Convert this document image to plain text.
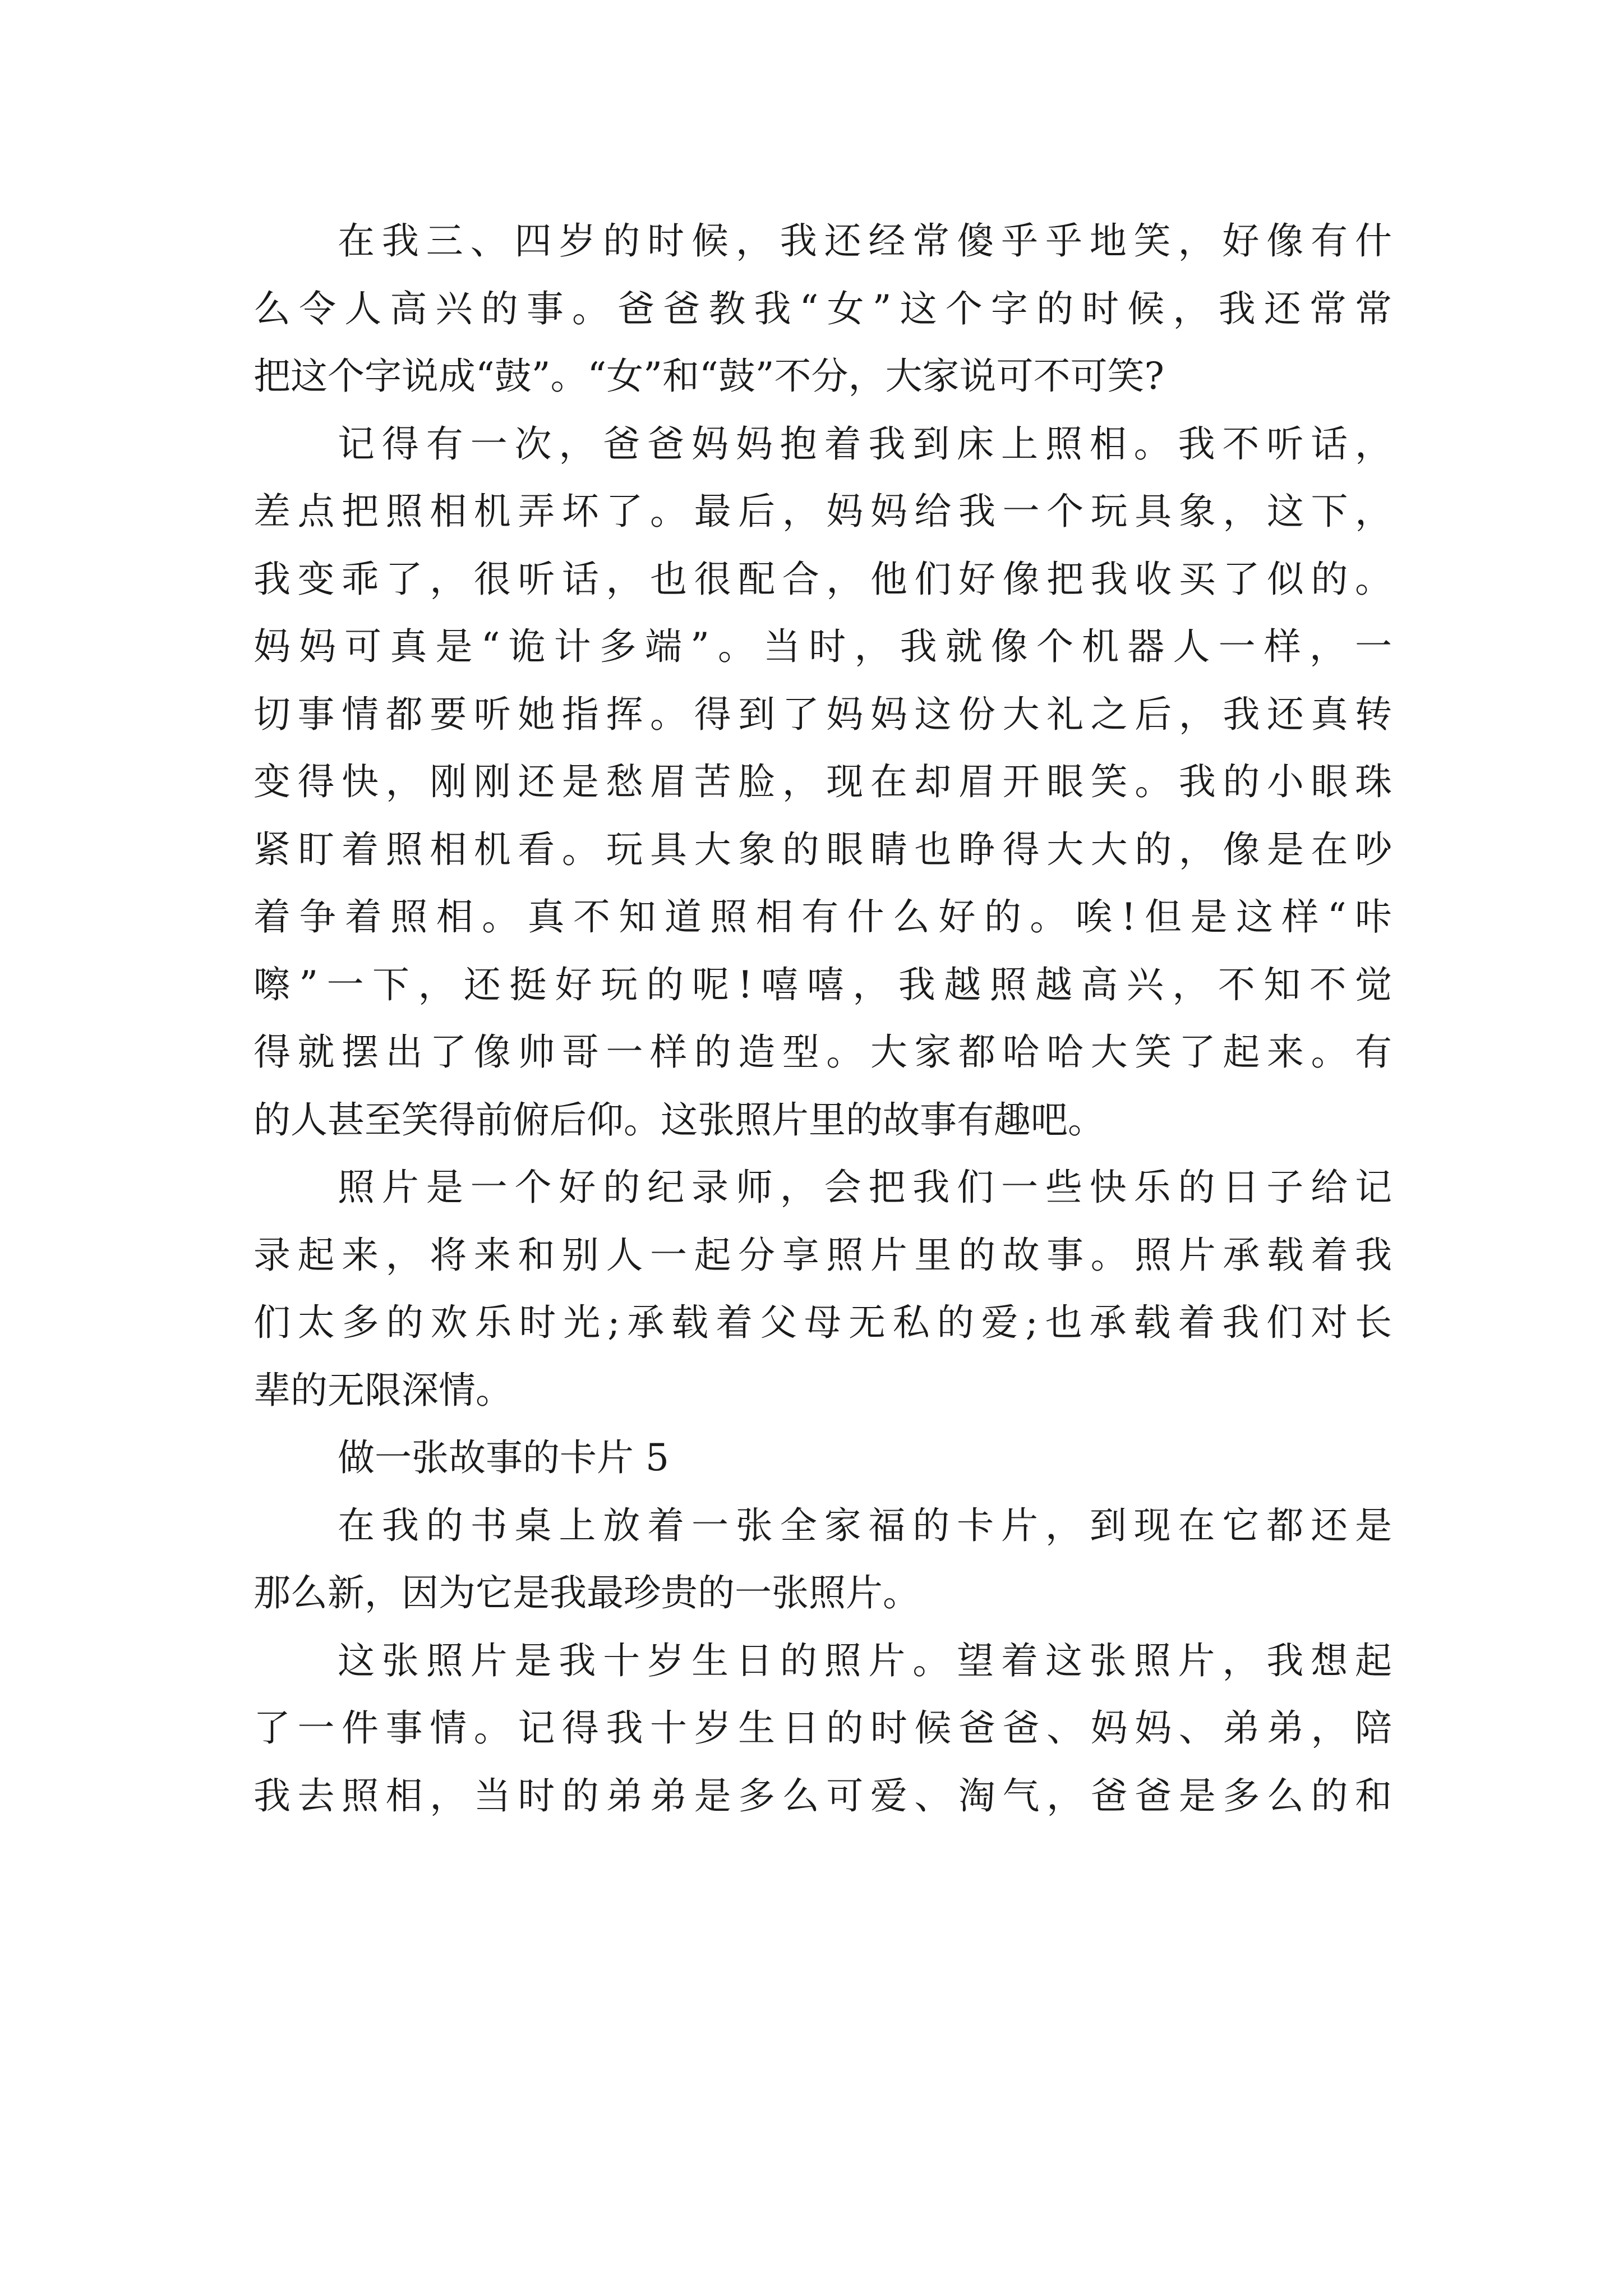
在我三、四岁的时候，我还经常傻乎乎地笑，好像有什
么令人高兴的事。爸爸教我“女”这个字的时候，我还常常
把这个字说成“鼓”。“女”和“鼓”不分，大家说可不可笑?
记得有一次，爸爸妈妈抱着我到床上照相。我不听话，
差点把照相机弄坏了。最后，妈妈给我一个玩具象，这下，
我变乖了，很听话，也很配合，他们好像把我收买了似的。
妈妈可真是“诡计多端”。当时，我就像个机器人一样，一
切事情都要听她指挥。得到了妈妈这份大礼之后，我还真转
变得快，刚刚还是愁眉苦脸，现在却眉开眼笑。我的小眼珠
紧盯着照相机看。玩具大象的眼睛也睁得大大的，像是在吵
着争着照相。真不知道照相有什么好的。唉!但是这样“咔
嚓”一下，还挺好玩的呢!嘻嘻，我越照越高兴，不知不觉
得就摆出了像帅哥一样的造型。大家都哈哈大笑了起来。有
的人甚至笑得前俯后仰。这张照片里的故事有趣吧。
照片是一个好的纪录师，会把我们一些快乐的日子给记
录起来，将来和别人一起分享照片里的故事。照片承载着我
们太多的欢乐时光;承载着父母无私的爱;也承载着我们对长
辈的无限深情。
做一张故事的卡片 5
在我的书桌上放着一张全家福的卡片，到现在它都还是
那么新，因为它是我最珍贵的一张照片。
这张照片是我十岁生日的照片。望着这张照片，我想起
了一件事情。记得我十岁生日的时候爸爸、妈妈、弟弟，陪
我去照相，当时的弟弟是多么可爱、淘气，爸爸是多么的和
